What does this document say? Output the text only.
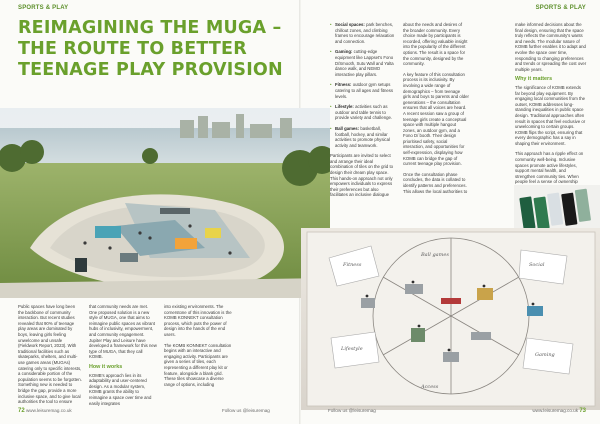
SPORTS & PLAY
REIMAGINING THE MUGA – THE ROUTE TO BETTER TEENAGE PLAY PROVISION

Public spaces have long been the backbone of community interaction. But recent studies revealed that 90% of teenage play areas are dominated by boys, leaving girls feeling unwelcome and unsafe (Fieldwork Report, 2023). With traditional facilities such as skateparks, shelters, and multi-use games areas (MUGAs) catering only to specific interests, a considerable portion of the population seems to be forgotten. Something new is needed to bridge the gap, provide a more inclusive space, and to give local authorities the tool to ensure

that community needs are met. One proposed solution is a new style of MUGA, one that aims to reimagine public spaces as vibrant hubs of inclusivity, empowerment, and community engagement. Jupiter Play and Leisure have developed a framework for this new type of MUGA, that they call KOMB.

How it works

KOMB's approach lies in its adaptability and user-centered design. As a modular system, KOMB grants the ability to reimagine a space over time and easily integrates

into existing environments. The cornerstone of this innovation is the KOMB KONNEKT consultation process, which puts the power of design into the hands of the end users.

The KOMB KONNEKT consultation begins with an interactive and engaging activity. Participants are given a series of tiles, each representing a different play kit or feature, alongside a blank grid. These tiles showcase a diverse range of options, including

• Social spaces: park benches, chillout zones, and climbing frames to encourage relaxation and connection.
• Gaming: cutting-edge equipment like Lappset's Fono D/Smooth, Sutu Wall and Yalta dance walk, and NEMO interactive play pillars.
• Fitness: outdoor gym setups catering to all ages and fitness levels.
• Lifestyle: activities such as outdoor and table tennis to provide variety and challenge.
• Ball games: basketball, football, hockey, and similar activities to promote physical activity and teamwork.

Participants are invited to select and arrange their ideal combination of tiles on the grid to design their dream play space. This hands-on approach not only empowers individuals to express their preferences but also facilitates an inclusive dialogue

about the needs and desires of the broader community. Every choice made by participants is recorded, offering valuable insight into the popularity of the different options. The result is a space for the community, designed by the community.

A key feature of this consultation process is its inclusivity. By involving a wide range of demographics – from teenage girls and boys to parents and older generations – the consultation ensures that all voices are heard. A recent session saw a group of teenage girls create a conceptual space with multiple hangout zones, an outdoor gym, and a Fono D/ booth. Their design prioritised safety, social interaction, and opportunities for self-expression, displaying how KOMB can bridge the gap of current teenage play provision.

Once the consultation phase concludes, the data is collated to identify patterns and preferences. This allows the local authorities to

make informed decisions about the final design, ensuring that the space truly reflects the community's wants and needs. The modular nature of KOMB further enables it to adapt and evolve the space over time, responding to changing preferences and trends or spreading the cost over multiple years.

Why it matters

The significance of KOMB extends far beyond play equipment. By engaging local communities from the outset, KOMB addresses long-standing inequalities in public space design. Traditional approaches often result in spaces that feel exclusive or unwelcoming to certain groups. KOMB flips the script, ensuring that every demographic has a say in shaping their environment.

This approach has a ripple effect on community well-being. Inclusive spaces promote active lifestyles, support mental health, and strengthen community ties. When people feel a sense of ownership

SPORTS & PLAY
Fitness	Social
Lifestyle
Gaming
Ball games
Access
72 www.leisuremag.co.uk	Follow us @leisuremag	Follow us @leisuremag	www.leisuremag.co.uk 73
